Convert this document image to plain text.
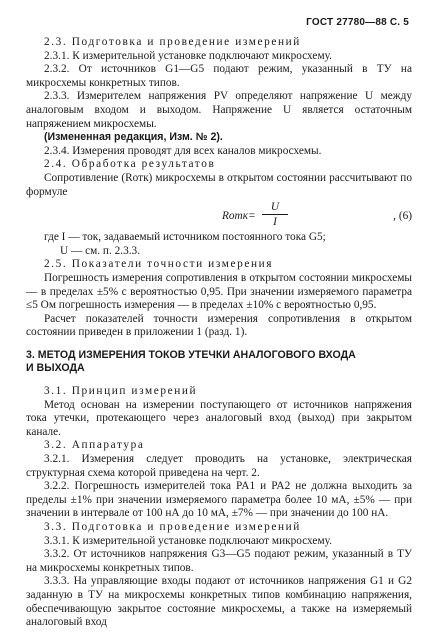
ГОСТ 27780—88 С. 5

2.3. Подготовка и проведение измерений

2.3.1. К измерительной установке подключают микросхему.

2.3.2. От источников G1—G5 подают режим, указанный в ТУ на микросхемы конкретных типов.

2.3.3. Измерителем напряжения PV определяют напряжение U между аналоговым входом и выходом. Напряжение U является остаточным напряжением микросхемы.

(Измененная редакция, Изм. № 2).

2.3.4. Измерения проводят для всех каналов микросхемы.

2.4. Обработка результатов

Сопротивление (Rотк) микросхемы в открытом состоянии рассчитывают по формуле

Rотк= $\frac{U}{I}$	, (6)

где I — ток, задаваемый источником постоянного тока G5;

U — см. п. 2.3.3.

2.5. Показатели точности измерения

Погрешность измерения сопротивления в открытом состоянии микросхемы — в пределах ±5% с вероятностью 0,95. При значении измеряемого параметра ≤5 Ом погрешность измерения — в пределах ±10% с вероятностью 0,95.

Расчет показателей точности измерения сопротивления в открытом состоянии приведен в приложении 1 (разд. 1).

3. МЕТОД ИЗМЕРЕНИЯ ТОКОВ УТЕЧКИ АНАЛОГОВОГО ВХОДА

И ВЫХОДА

3.1. Принцип измерений

Метод основан на измерении поступающего от источников напряжения тока утечки, протекающего через аналоговый вход (выход) при закрытом канале.

3.2. Аппаратура

3.2.1. Измерения следует проводить на установке, электрическая структурная схема которой приведена на черт. 2.

3.2.2. Погрешность измерителей тока PA1 и PA2 не должна выходить за пределы ±1% при значении измеряемого параметра более 10 мА, ±5% — при значении в интервале от 100 нА до 10 мА, ±7% — при значении до 100 нА.

3.3. Подготовка и проведение измерений

3.3.1. К измерительной установке подключают микросхему.

3.3.2. От источников напряжения G3—G5 подают режим, указанный в ТУ на микросхемы конкретных типов.

3.3.3. На управляющие входы подают от источников напряжения G1 и G2 заданную в ТУ на микросхемы конкретных типов комбинацию напряжения, обеспечивающую закрытое состояние микросхемы, а также на измеряемый аналоговый вход
